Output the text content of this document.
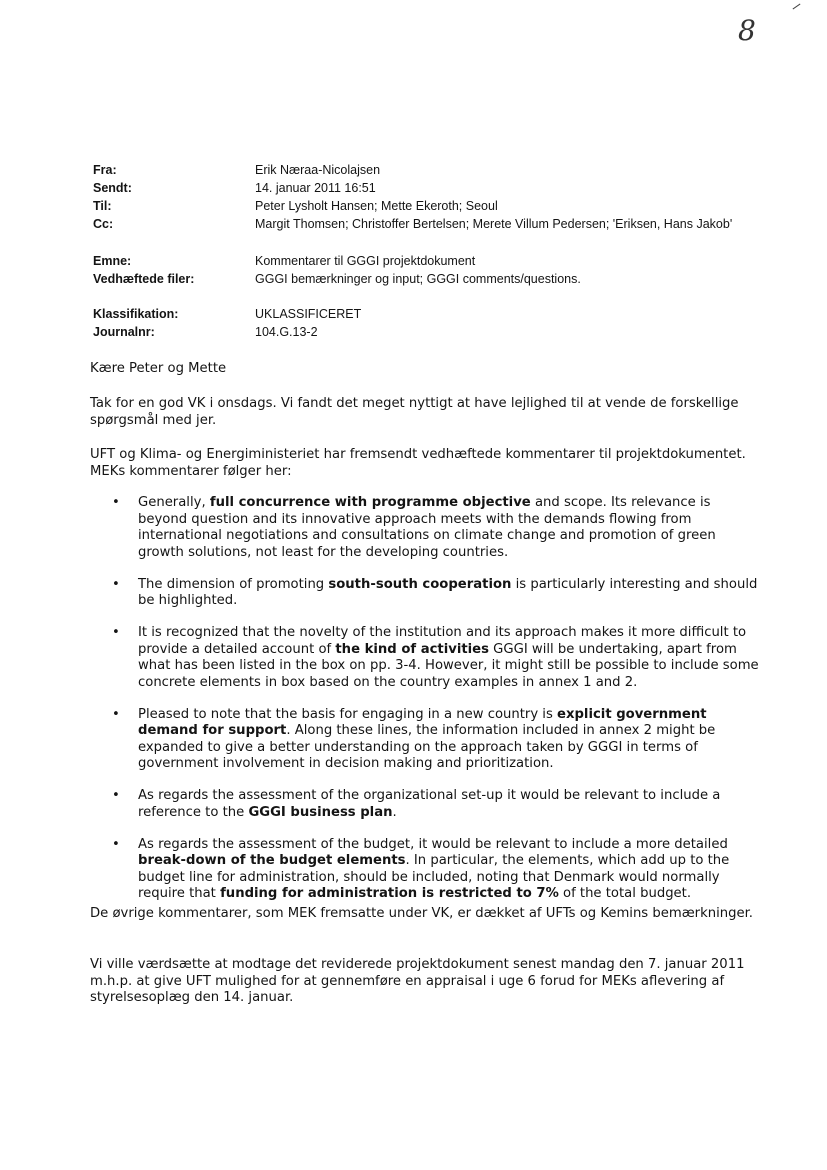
8
Fra:	Erik Næraa-Nicolajsen
Sendt:	14. januar 2011 16:51
Til:	Peter Lysholt Hansen; Mette Ekeroth; Seoul
Cc:	Margit Thomsen; Christoffer Bertelsen; Merete Villum Pedersen; 'Eriksen, Hans Jakob'
Emne:	Kommentarer til GGGI projektdokument
Vedhæftede filer:	GGGI bemærkninger og input; GGGI comments/questions.
Klassifikation:	UKLASSIFICERET
Journalnr:	104.G.13-2
Kære Peter og Mette
Tak for en god VK i onsdags. Vi fandt det meget nyttigt at have lejlighed til at vende de forskellige spørgsmål med jer.
UFT og Klima- og Energiministeriet har fremsendt vedhæftede kommentarer til projektdokumentet. MEKs kommentarer følger her:
• Generally, full concurrence with programme objective and scope. Its relevance is beyond question and its innovative approach meets with the demands flowing from international negotiations and consultations on climate change and promotion of green growth solutions, not least for the developing countries.
• The dimension of promoting south-south cooperation is particularly interesting and should be highlighted.
• It is recognized that the novelty of the institution and its approach makes it more difficult to provide a detailed account of the kind of activities GGGI will be undertaking, apart from what has been listed in the box on pp. 3-4. However, it might still be possible to include some concrete elements in box based on the country examples in annex 1 and 2.
• Pleased to note that the basis for engaging in a new country is explicit government demand for support. Along these lines, the information included in annex 2 might be expanded to give a better understanding on the approach taken by GGGI in terms of government involvement in decision making and prioritization.
• As regards the assessment of the organizational set-up it would be relevant to include a reference to the GGGI business plan.
• As regards the assessment of the budget, it would be relevant to include a more detailed break-down of the budget elements. In particular, the elements, which add up to the budget line for administration, should be included, noting that Denmark would normally require that funding for administration is restricted to 7% of the total budget.
De øvrige kommentarer, som MEK fremsatte under VK, er dækket af UFTs og Kemins bemærkninger.
Vi ville værdsætte at modtage det reviderede projektdokument senest mandag den 7. januar 2011 m.h.p. at give UFT mulighed for at gennemføre en appraisal i uge 6 forud for MEKs aflevering af styrelsesoplæg den 14. januar.
